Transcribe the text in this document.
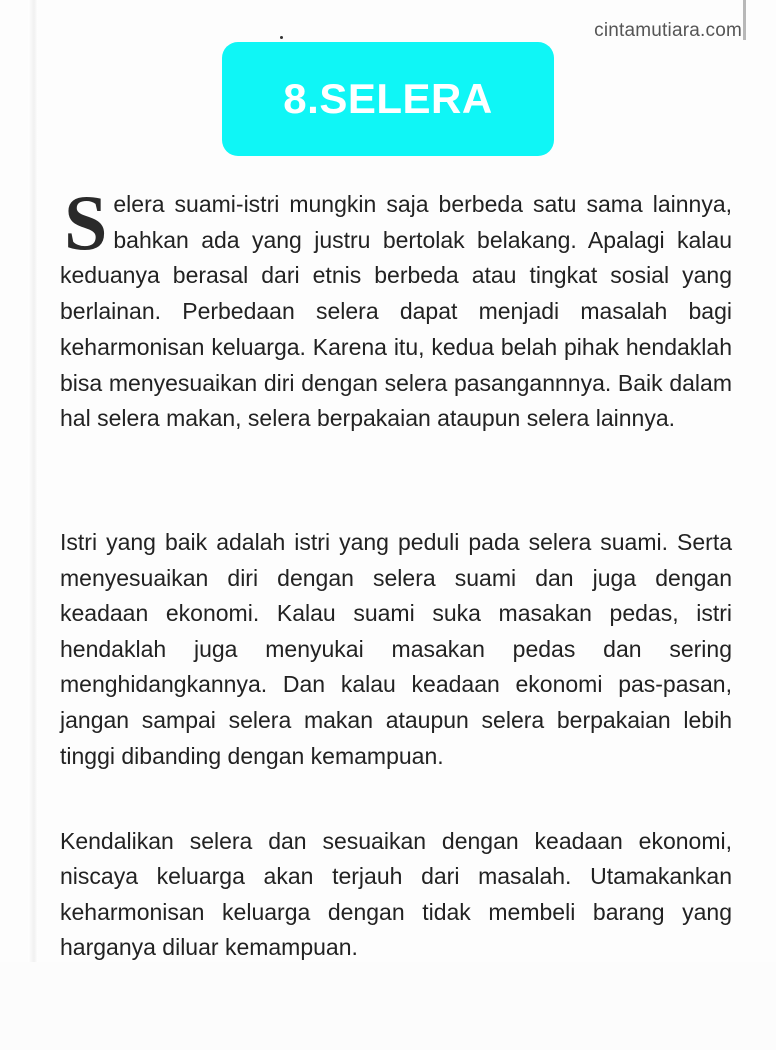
cintamutiara.com
8.SELERA
Selera suami-istri mungkin saja berbeda satu sama lainnya, bahkan ada yang justru bertolak belakang. Apalagi kalau keduanya berasal dari etnis berbeda atau tingkat sosial yang berlainan. Perbedaan selera dapat menjadi masalah bagi keharmonisan keluarga. Karena itu, kedua belah pihak hendaklah bisa menyesuaikan diri dengan selera pasangannnya. Baik dalam hal selera makan, selera berpakaian ataupun selera lainnya.
Istri yang baik adalah istri yang peduli pada selera suami. Serta menyesuaikan diri dengan selera suami dan juga dengan keadaan ekonomi. Kalau suami suka masakan pedas, istri hendaklah juga menyukai masakan pedas dan sering menghidangkannya. Dan kalau keadaan ekonomi pas-pasan, jangan sampai selera makan ataupun selera berpakaian lebih tinggi dibanding dengan kemampuan.
Kendalikan selera dan sesuaikan dengan keadaan ekonomi, niscaya keluarga akan terjauh dari masalah. Utamakankan keharmonisan keluarga dengan tidak membeli barang yang harganya diluar kemampuan.
